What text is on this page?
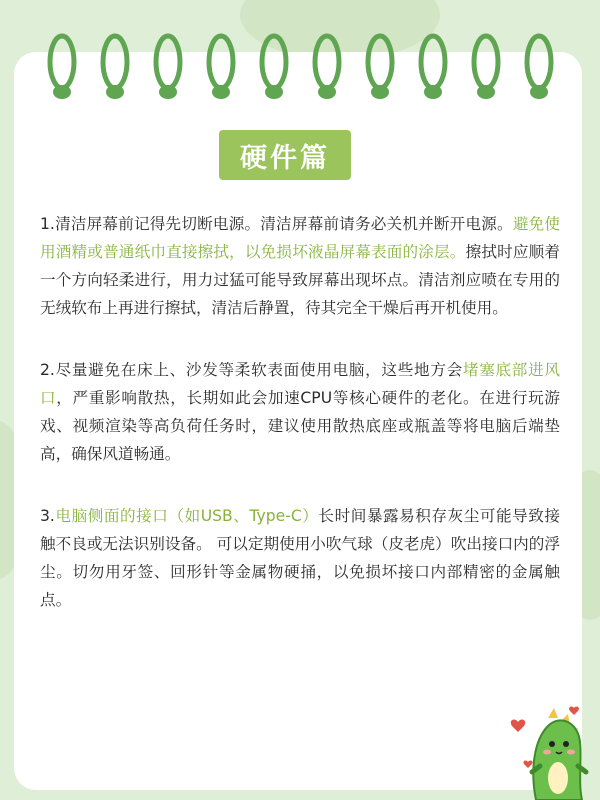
硬件篇

1.清洁屏幕前记得先切断电源。清洁屏幕前请务必关机并断开电源。避免使用酒精或普通纸巾直接擦拭，以免损坏液晶屏幕表面的涂层。擦拭时应顺着一个方向轻柔进行，用力过猛可能导致屏幕出现坏点。清洁剂应喷在专用的无绒软布上再进行擦拭，清洁后静置，待其完全干燥后再开机使用。

2.尽量避免在床上、沙发等柔软表面使用电脑，这些地方会堵塞底部进风口，严重影响散热，长期如此会加速CPU等核心硬件的老化。在进行玩游戏、视频渲染等高负荷任务时，建议使用散热底座或瓶盖等将电脑后端垫高，确保风道畅通。

3.电脑侧面的接口（如USB、Type-C）长时间暴露易积存灰尘可能导致接触不良或无法识别设备。 可以定期使用小吹气球（皮老虎）吹出接口内的浮尘。切勿用牙签、回形针等金属物硬捅，以免损坏接口内部精密的金属触点。
